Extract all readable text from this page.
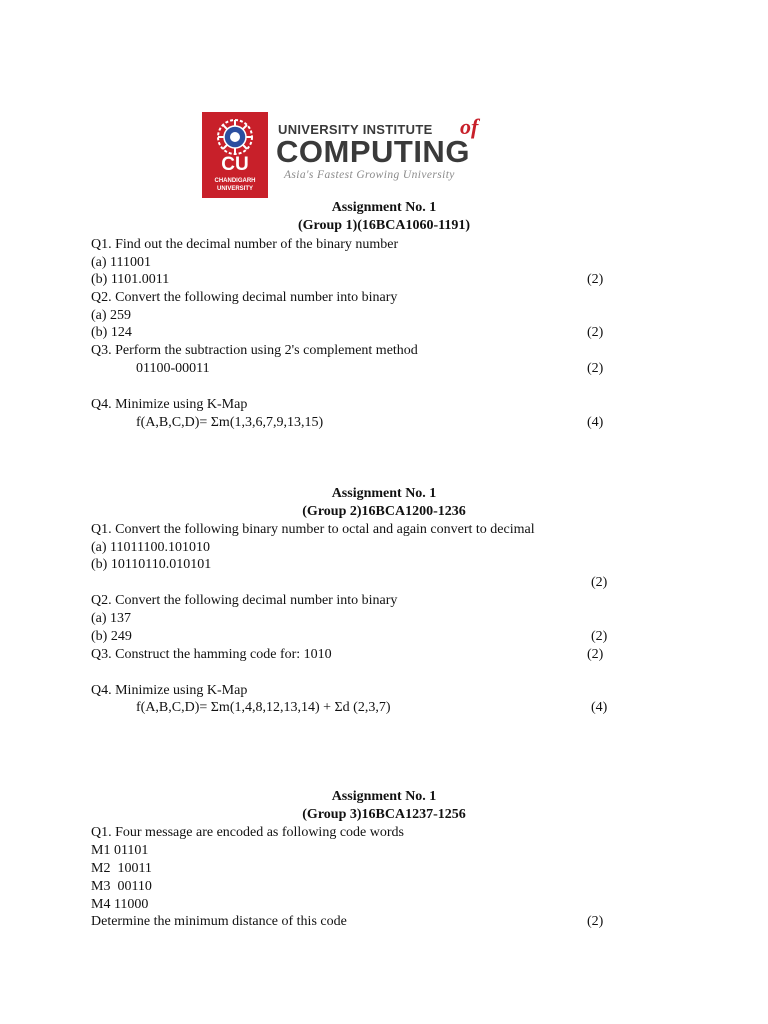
CU
CHANDIGARH
UNIVERSITY
UNIVERSITY INSTITUTE of
COMPUTING
Asia's Fastest Growing University
Assignment No. 1
(Group 1)(16BCA1060-1191)
Q1. Find out the decimal number of the binary number
(a) 111001
(b) 1101.0011	(2)
Q2. Convert the following decimal number into binary
(a) 259
(b) 124	(2)
Q3. Perform the subtraction using 2's complement method
01100-00011	(2)
Q4. Minimize using K-Map
f(A,B,C,D)= Σm(1,3,6,7,9,13,15)	(4)
Assignment No. 1
(Group 2)16BCA1200-1236
Q1. Convert the following binary number to octal and again convert to decimal
(a) 11011100.101010
(b) 10110110.010101
(2)
Q2. Convert the following decimal number into binary
(a) 137
(b) 249	(2)
Q3. Construct the hamming code for: 1010	(2)
Q4. Minimize using K-Map
f(A,B,C,D)= Σm(1,4,8,12,13,14) + Σd (2,3,7)	(4)
Assignment No. 1
(Group 3)16BCA1237-1256
Q1. Four message are encoded as following code words
M1 01101
M2  10011
M3  00110
M4 11000
Determine the minimum distance of this code	(2)
